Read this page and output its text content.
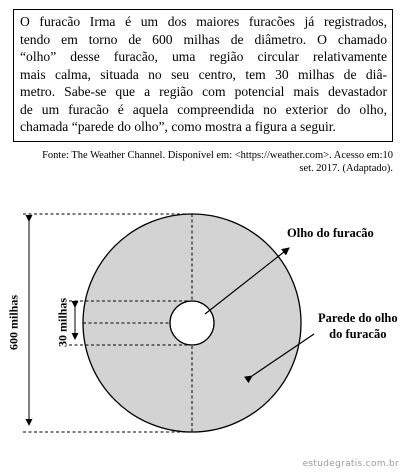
O furacão Irma é um dos maiores furacões já registrados,
tendo em torno de 600 milhas de diâmetro. O chamado
“olho” desse furacão, uma região circular relativamente
mais calma, situada no seu centro, tem 30 milhas de diâ-
metro. Sabe-se que a região com potencial mais devastador
de um furacão é aquela compreendida no exterior do olho,
chamada “parede do olho”, como mostra a figura a seguir.
Fonte: The Weather Channel. Disponível em: <https://weather.com>. Acesso em:10
set. 2017. (Adaptado).
Olho do furacão
Parede do olho
do furacão
600 milhas	30 milhas
estudegratis.com.br
